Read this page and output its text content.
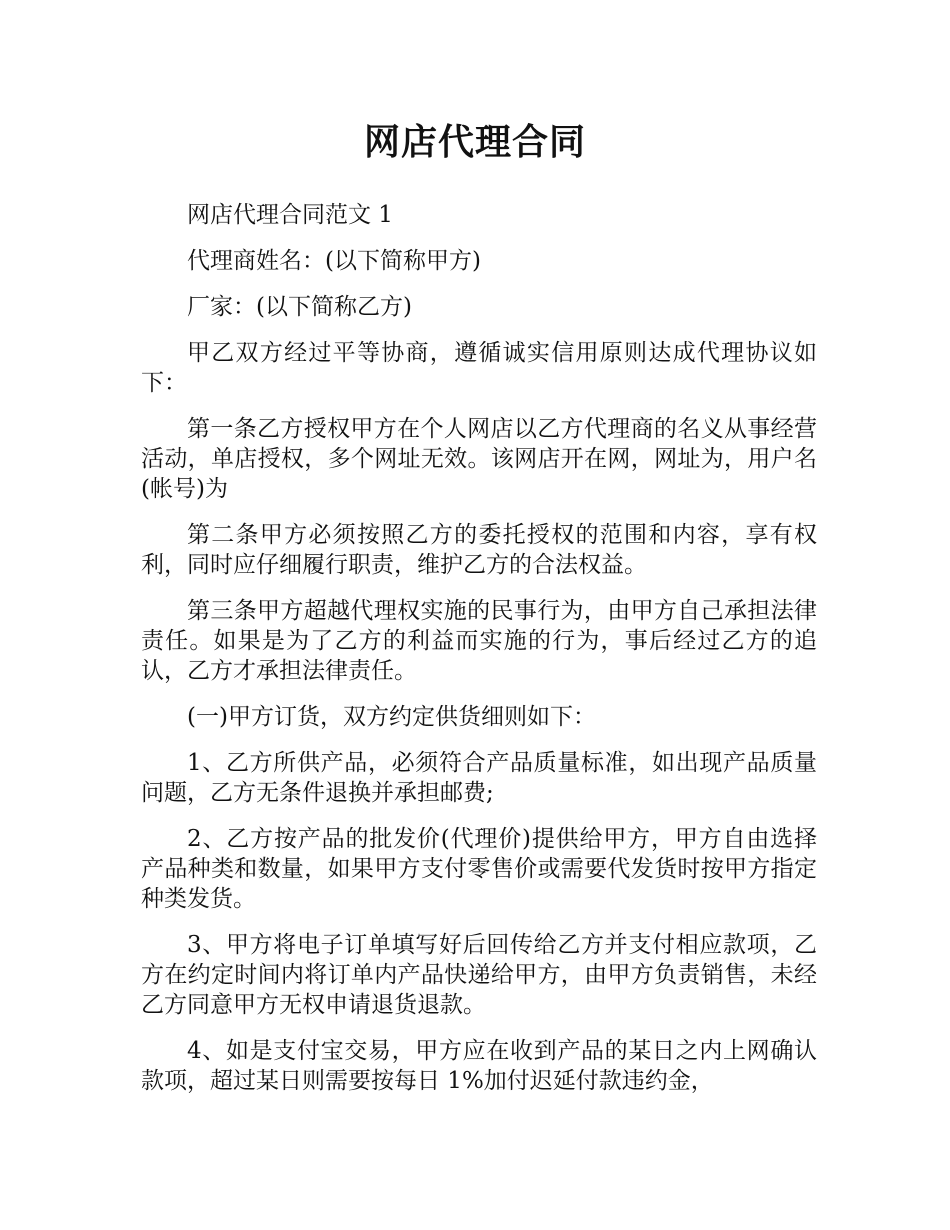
网店代理合同

网店代理合同范文 1

代理商姓名：(以下简称甲方)

厂家：(以下简称乙方)

甲乙双方经过平等协商，遵循诚实信用原则达成代理协议如下：

第一条乙方授权甲方在个人网店以乙方代理商的名义从事经营活动，单店授权，多个网址无效。该网店开在网，网址为，用户名(帐号)为

第二条甲方必须按照乙方的委托授权的范围和内容，享有权利，同时应仔细履行职责，维护乙方的合法权益。

第三条甲方超越代理权实施的民事行为，由甲方自己承担法律责任。如果是为了乙方的利益而实施的行为，事后经过乙方的追认，乙方才承担法律责任。

(一)甲方订货，双方约定供货细则如下：

1、乙方所供产品，必须符合产品质量标准，如出现产品质量问题，乙方无条件退换并承担邮费;

2、乙方按产品的批发价(代理价)提供给甲方，甲方自由选择产品种类和数量，如果甲方支付零售价或需要代发货时按甲方指定种类发货。

3、甲方将电子订单填写好后回传给乙方并支付相应款项，乙方在约定时间内将订单内产品快递给甲方，由甲方负责销售，未经乙方同意甲方无权申请退货退款。

4、如是支付宝交易，甲方应在收到产品的某日之内上网确认款项，超过某日则需要按每日 1%加付迟延付款违约金，
